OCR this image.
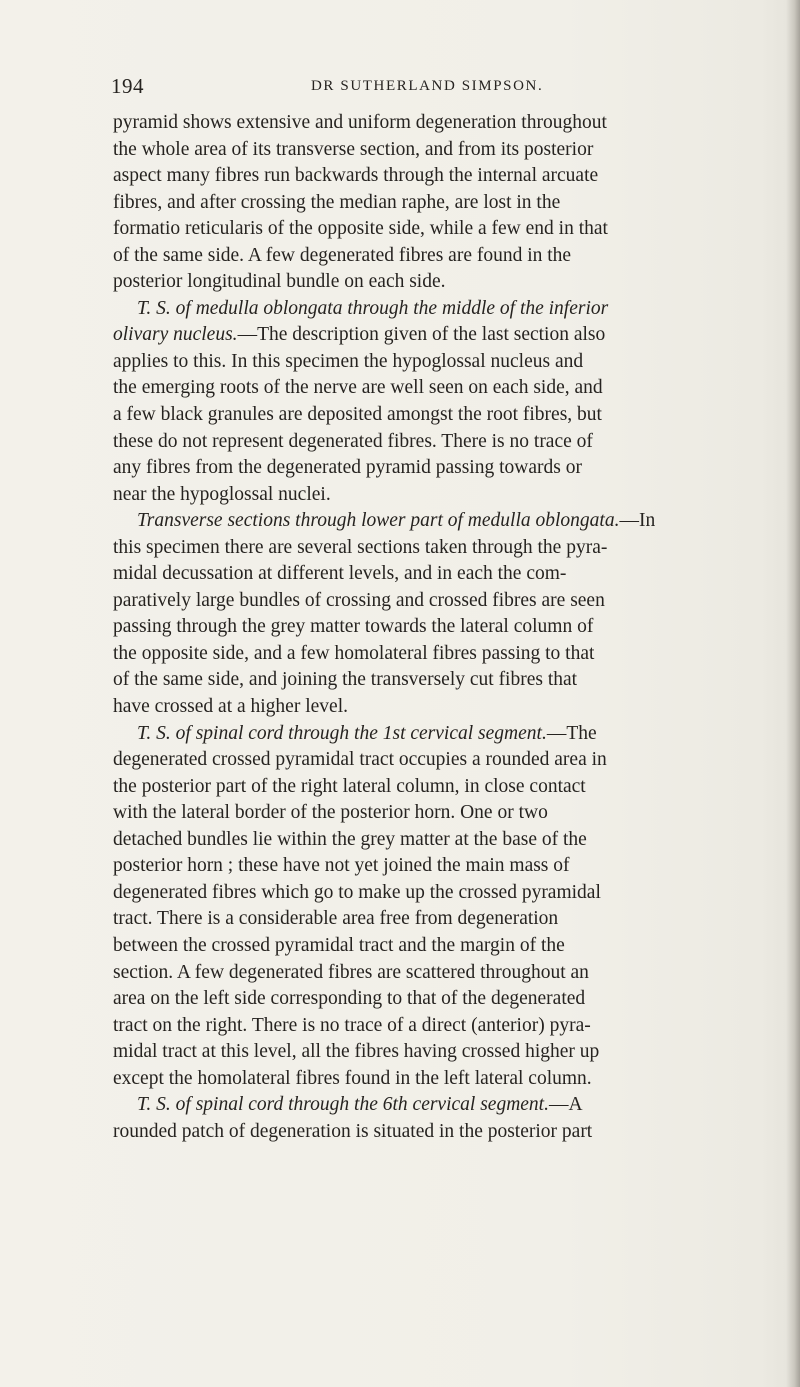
194	DR SUTHERLAND SIMPSON.
pyramid shows extensive and uniform degeneration throughout
the whole area of its transverse section, and from its posterior
aspect many fibres run backwards through the internal arcuate
fibres, and after crossing the median raphe, are lost in the
formatio reticularis of the opposite side, while a few end in that
of the same side. A few degenerated fibres are found in the
posterior longitudinal bundle on each side.
T. S. of medulla oblongata through the middle of the inferior
olivary nucleus.—The description given of the last section also
applies to this. In this specimen the hypoglossal nucleus and
the emerging roots of the nerve are well seen on each side, and
a few black granules are deposited amongst the root fibres, but
these do not represent degenerated fibres. There is no trace of
any fibres from the degenerated pyramid passing towards or
near the hypoglossal nuclei.
Transverse sections through lower part of medulla oblongata.—In
this specimen there are several sections taken through the pyra-
midal decussation at different levels, and in each the com-
paratively large bundles of crossing and crossed fibres are seen
passing through the grey matter towards the lateral column of
the opposite side, and a few homolateral fibres passing to that
of the same side, and joining the transversely cut fibres that
have crossed at a higher level.
T. S. of spinal cord through the 1st cervical segment.—The
degenerated crossed pyramidal tract occupies a rounded area in
the posterior part of the right lateral column, in close contact
with the lateral border of the posterior horn. One or two
detached bundles lie within the grey matter at the base of the
posterior horn ; these have not yet joined the main mass of
degenerated fibres which go to make up the crossed pyramidal
tract. There is a considerable area free from degeneration
between the crossed pyramidal tract and the margin of the
section. A few degenerated fibres are scattered throughout an
area on the left side corresponding to that of the degenerated
tract on the right. There is no trace of a direct (anterior) pyra-
midal tract at this level, all the fibres having crossed higher up
except the homolateral fibres found in the left lateral column.
T. S. of spinal cord through the 6th cervical segment.—A
rounded patch of degeneration is situated in the posterior part
